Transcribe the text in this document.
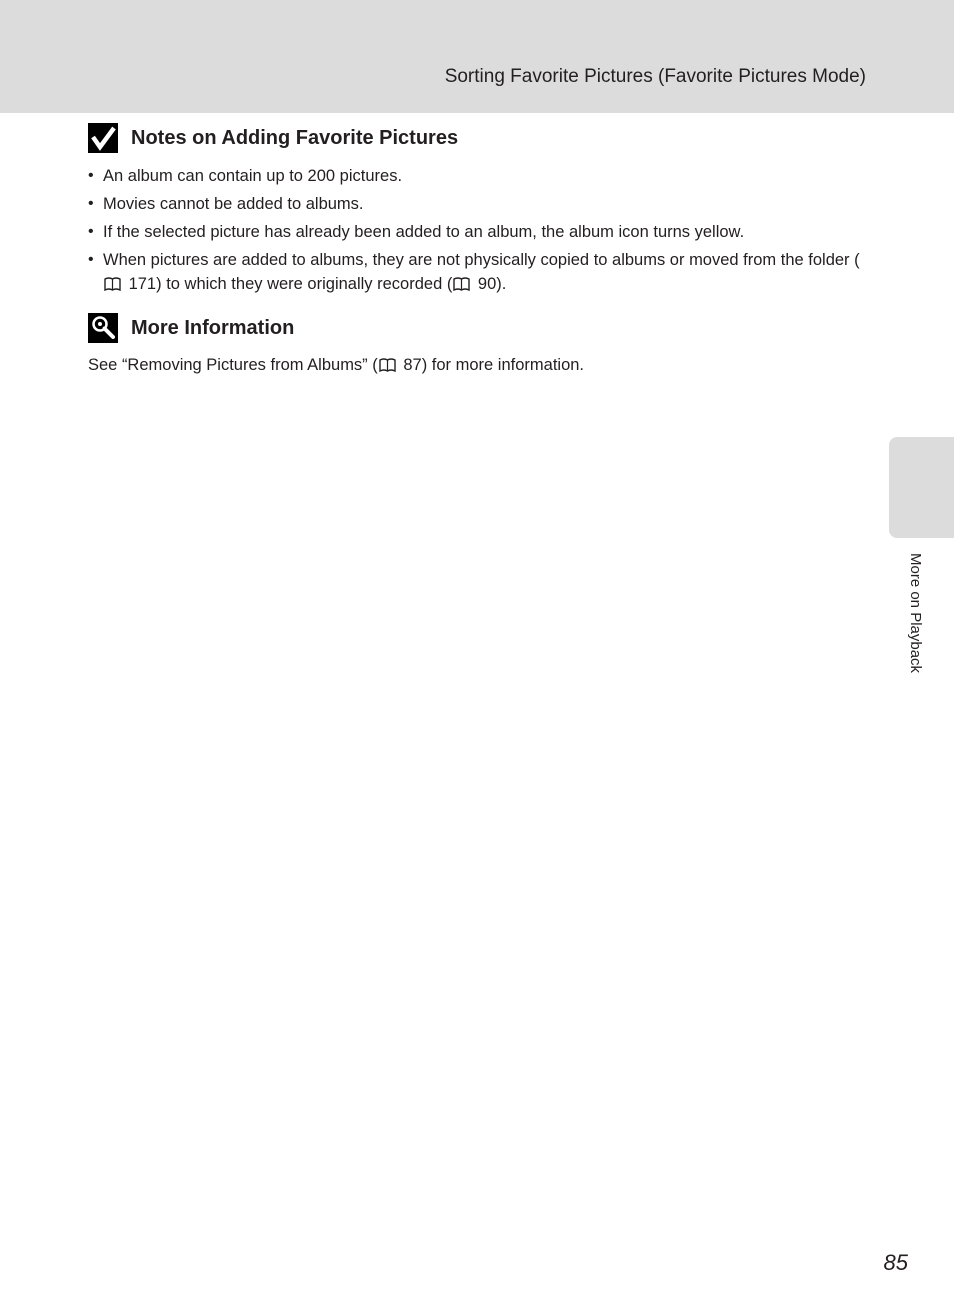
Sorting Favorite Pictures (Favorite Pictures Mode)
Notes on Adding Favorite Pictures
• An album can contain up to 200 pictures.
• Movies cannot be added to albums.
• If the selected picture has already been added to an album, the album icon turns yellow.
• When pictures are added to albums, they are not physically copied to albums or moved from the folder ( 171) to which they were originally recorded ( 90).
More Information
See “Removing Pictures from Albums” ( 87) for more information.
More on Playback
85
